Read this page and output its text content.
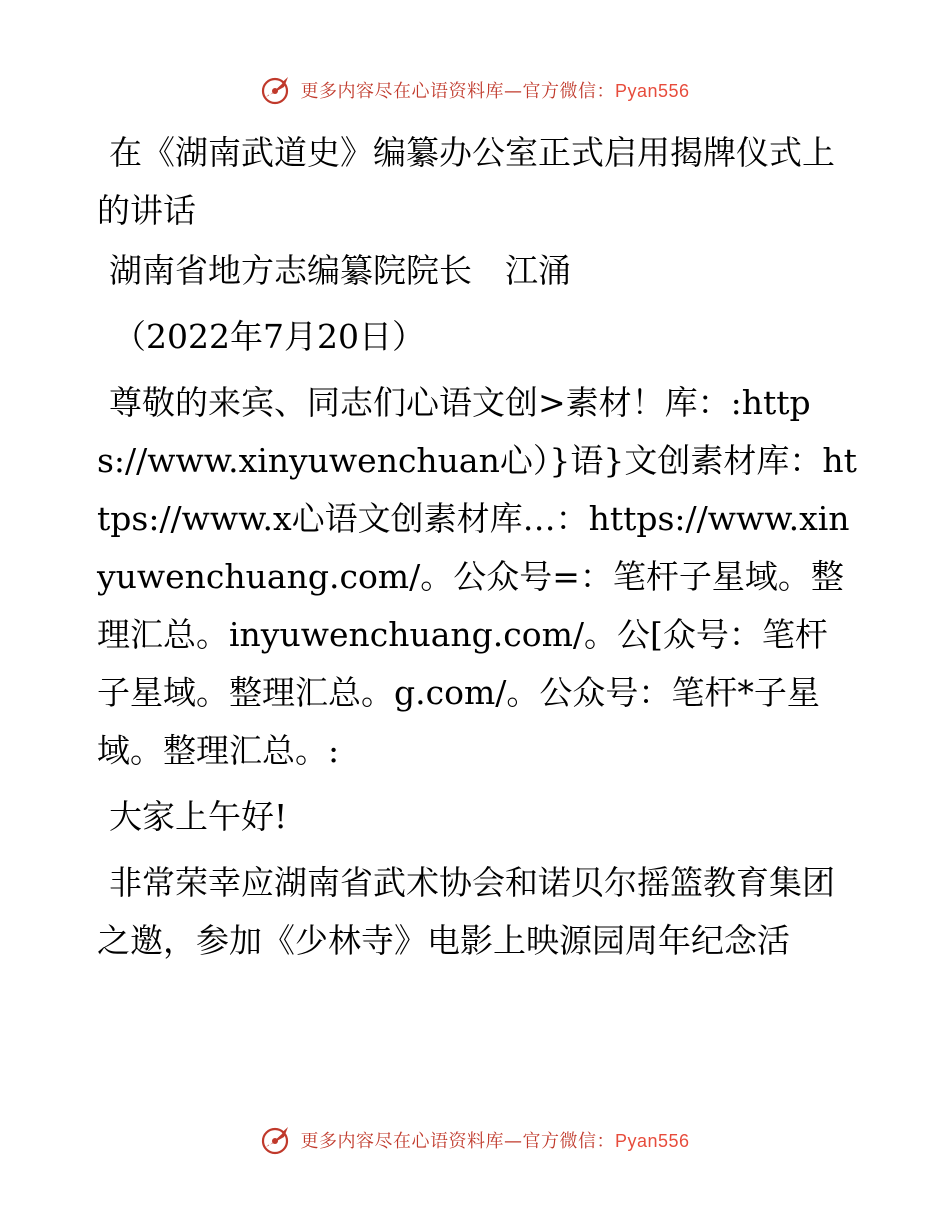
更多内容尽在心语资料库—官方微信：Pyan556

在《湖南武道史》编纂办公室正式启用揭牌仪式上的讲话

湖南省地方志编纂院院长　江涌

（2022年7月20日）

尊敬的来宾、同志们心语文创>素材！库：:https://www.xinyuwenchuan心）}语}文创素材库：https://www.x心语文创素材库…：https://www.xinyuwenchuang.com/。公众号=：笔杆子星域。整理汇总。inyuwenchuang.com/。公[众号：笔杆子星域。整理汇总。g.com/。公众号：笔杆*子星域。整理汇总。:

大家上午好!

非常荣幸应湖南省武术协会和诺贝尔摇篮教育集团之邀，参加《少林寺》电影上映源园周年纪念活

更多内容尽在心语资料库—官方微信：Pyan556
